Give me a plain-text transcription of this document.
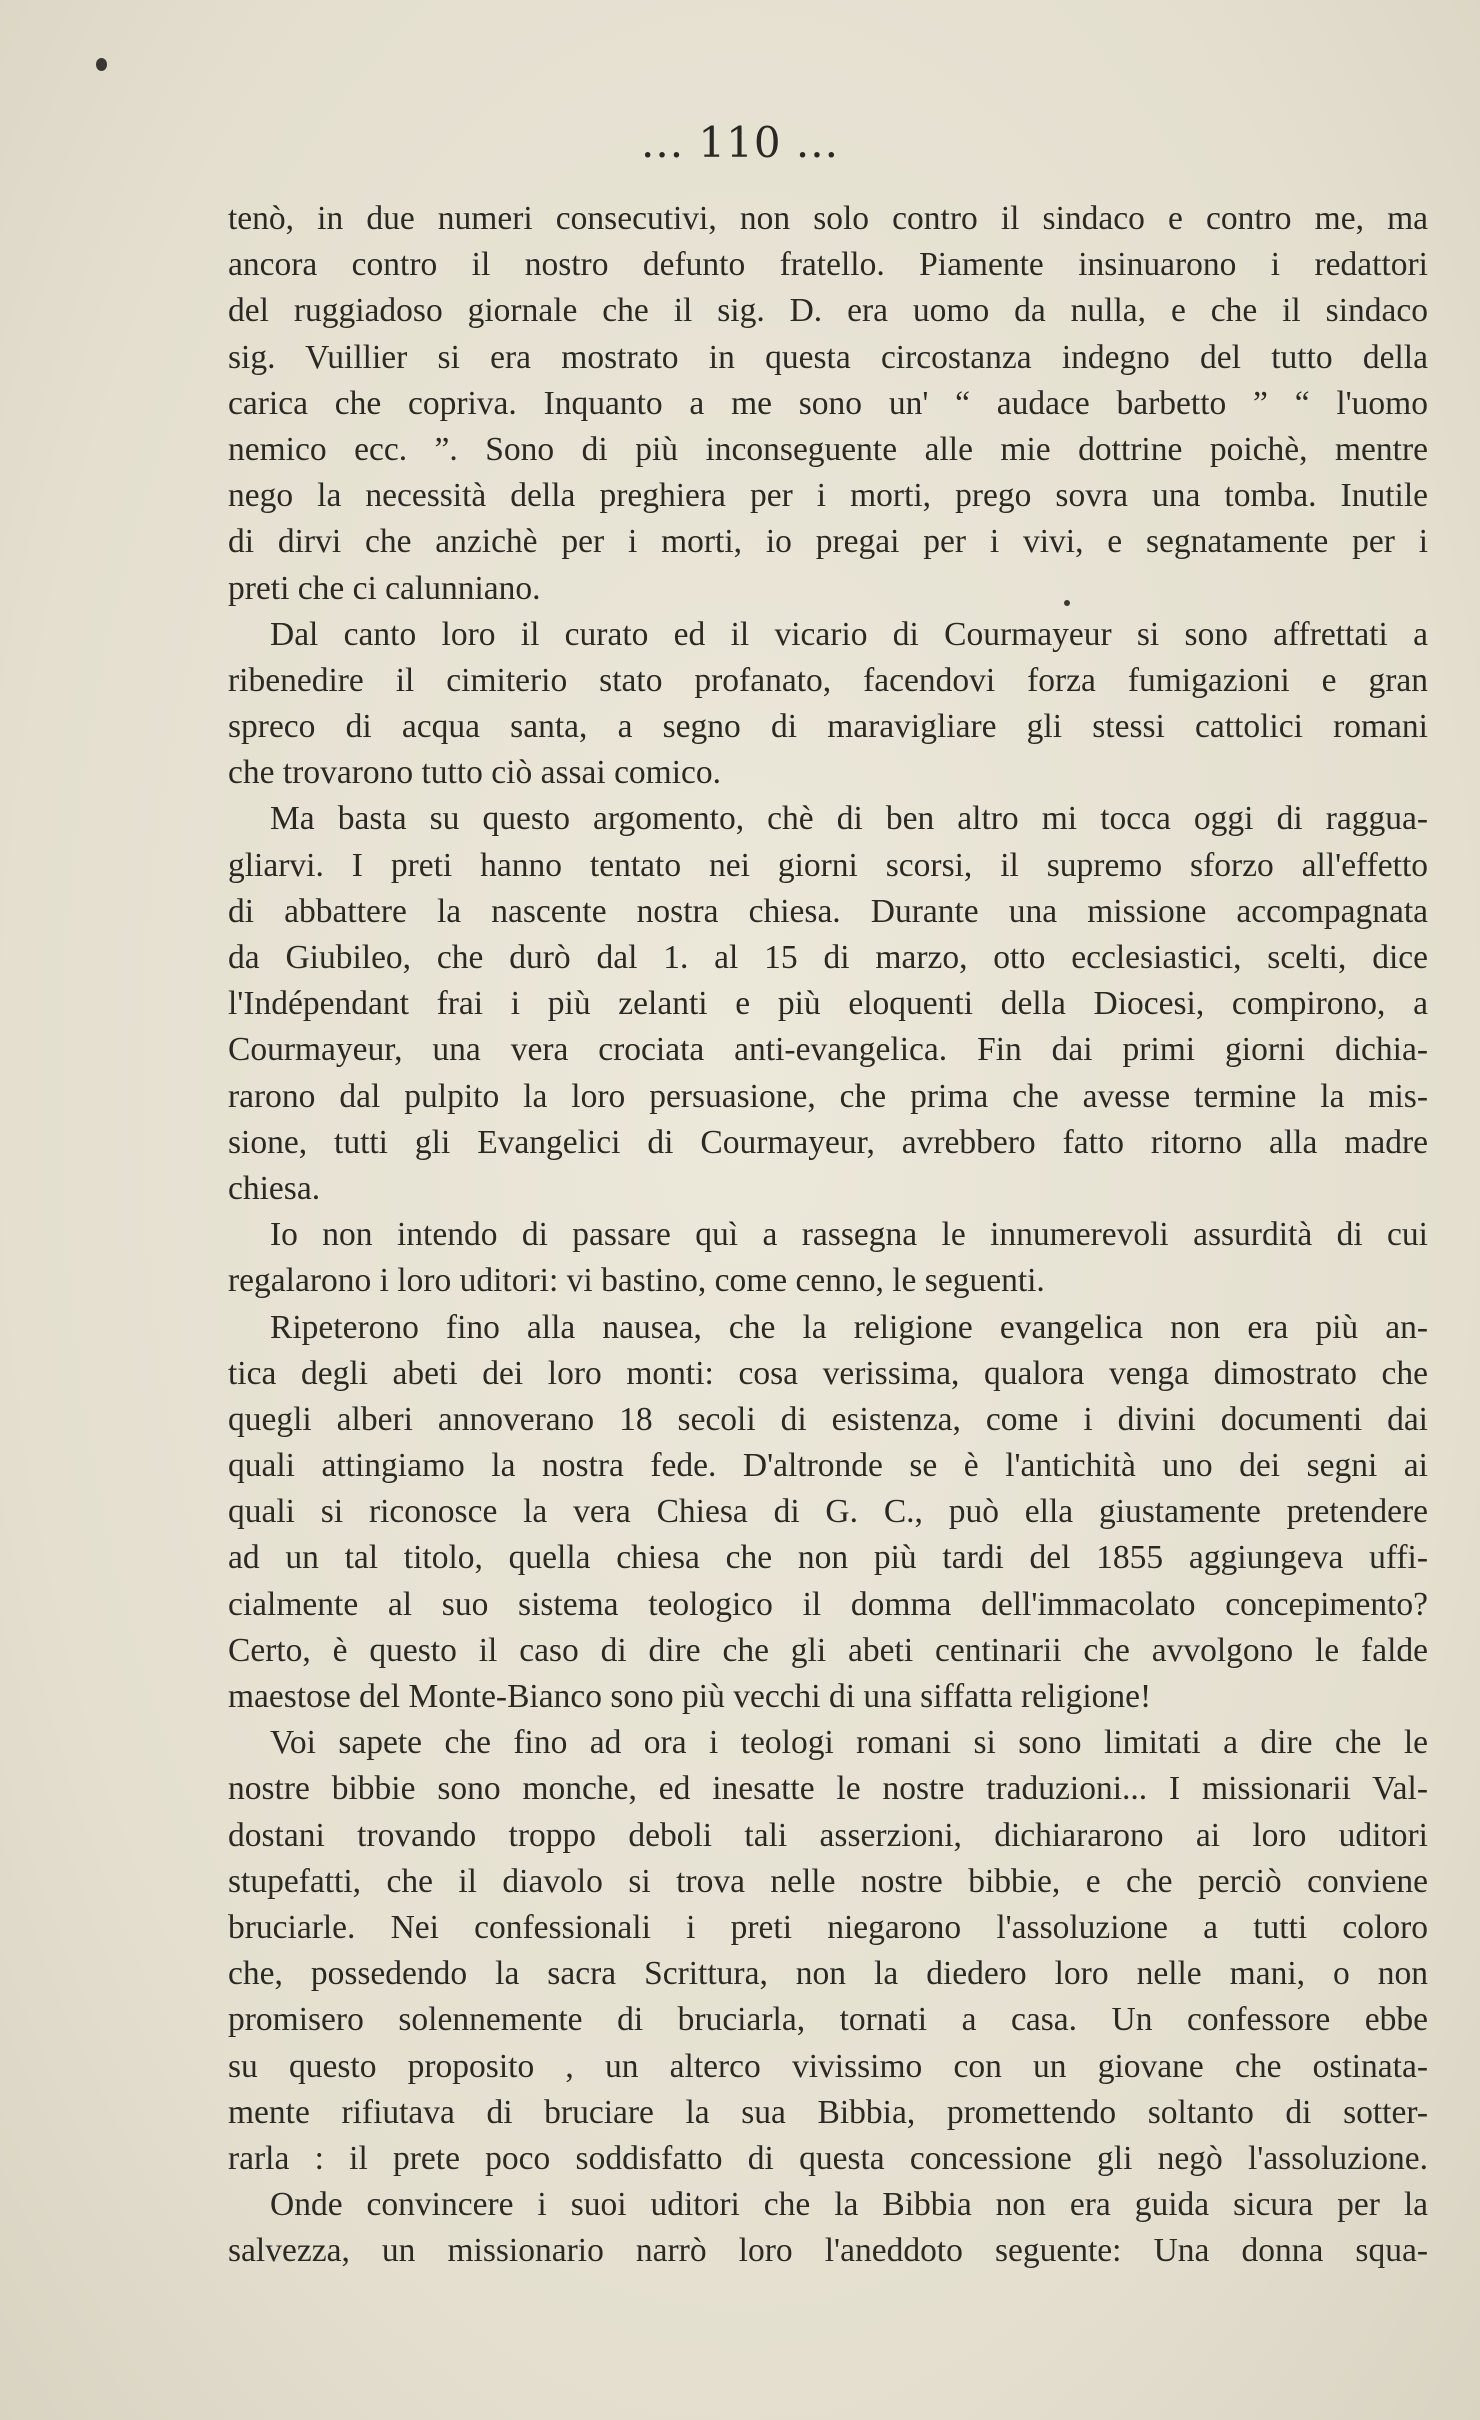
... 110 ...
tenò, in due numeri consecutivi, non solo contro il sindaco e contro me, ma
ancora contro il nostro defunto fratello. Piamente insinuarono i redattori
del ruggiadoso giornale che il sig. D. era uomo da nulla, e che il sindaco
sig. Vuillier si era mostrato in questa circostanza indegno del tutto della
carica che copriva. Inquanto a me sono un' “ audace barbetto ” “ l'uomo
nemico ecc. ”. Sono di più inconseguente alle mie dottrine poichè, mentre
nego la necessità della preghiera per i morti, prego sovra una tomba. Inutile
di dirvi che anzichè per i morti, io pregai per i vivi, e segnatamente per i
preti che ci calunniano.
Dal canto loro il curato ed il vicario di Courmayeur si sono affrettati a
ribenedire il cimiterio stato profanato, facendovi forza fumigazioni e gran
spreco di acqua santa, a segno di maravigliare gli stessi cattolici romani
che trovarono tutto ciò assai comico.
Ma basta su questo argomento, chè di ben altro mi tocca oggi di raggua-
gliarvi. I preti hanno tentato nei giorni scorsi, il supremo sforzo all'effetto
di abbattere la nascente nostra chiesa. Durante una missione accompagnata
da Giubileo, che durò dal 1. al 15 di marzo, otto ecclesiastici, scelti, dice
l'Indépendant frai i più zelanti e più eloquenti della Diocesi, compirono, a
Courmayeur, una vera crociata anti-evangelica. Fin dai primi giorni dichia-
rarono dal pulpito la loro persuasione, che prima che avesse termine la mis-
sione, tutti gli Evangelici di Courmayeur, avrebbero fatto ritorno alla madre
chiesa.
Io non intendo di passare quì a rassegna le innumerevoli assurdità di cui
regalarono i loro uditori: vi bastino, come cenno, le seguenti.
Ripeterono fino alla nausea, che la religione evangelica non era più an-
tica degli abeti dei loro monti: cosa verissima, qualora venga dimostrato che
quegli alberi annoverano 18 secoli di esistenza, come i divini documenti dai
quali attingiamo la nostra fede. D'altronde se è l'antichità uno dei segni ai
quali si riconosce la vera Chiesa di G. C., può ella giustamente pretendere
ad un tal titolo, quella chiesa che non più tardi del 1855 aggiungeva uffi-
cialmente al suo sistema teologico il domma dell'immacolato concepimento?
Certo, è questo il caso di dire che gli abeti centinarii che avvolgono le falde
maestose del Monte-Bianco sono più vecchi di una siffatta religione!
Voi sapete che fino ad ora i teologi romani si sono limitati a dire che le
nostre bibbie sono monche, ed inesatte le nostre traduzioni... I missionarii Val-
dostani trovando troppo deboli tali asserzioni, dichiararono ai loro uditori
stupefatti, che il diavolo si trova nelle nostre bibbie, e che perciò conviene
bruciarle. Nei confessionali i preti niegarono l'assoluzione a tutti coloro
che, possedendo la sacra Scrittura, non la diedero loro nelle mani, o non
promisero solennemente di bruciarla, tornati a casa. Un confessore ebbe
su questo proposito , un alterco vivissimo con un giovane che ostinata-
mente rifiutava di bruciare la sua Bibbia, promettendo soltanto di sotter-
rarla : il prete poco soddisfatto di questa concessione gli negò l'assoluzione.
Onde convincere i suoi uditori che la Bibbia non era guida sicura per la
salvezza, un missionario narrò loro l'aneddoto seguente: Una donna squa-
